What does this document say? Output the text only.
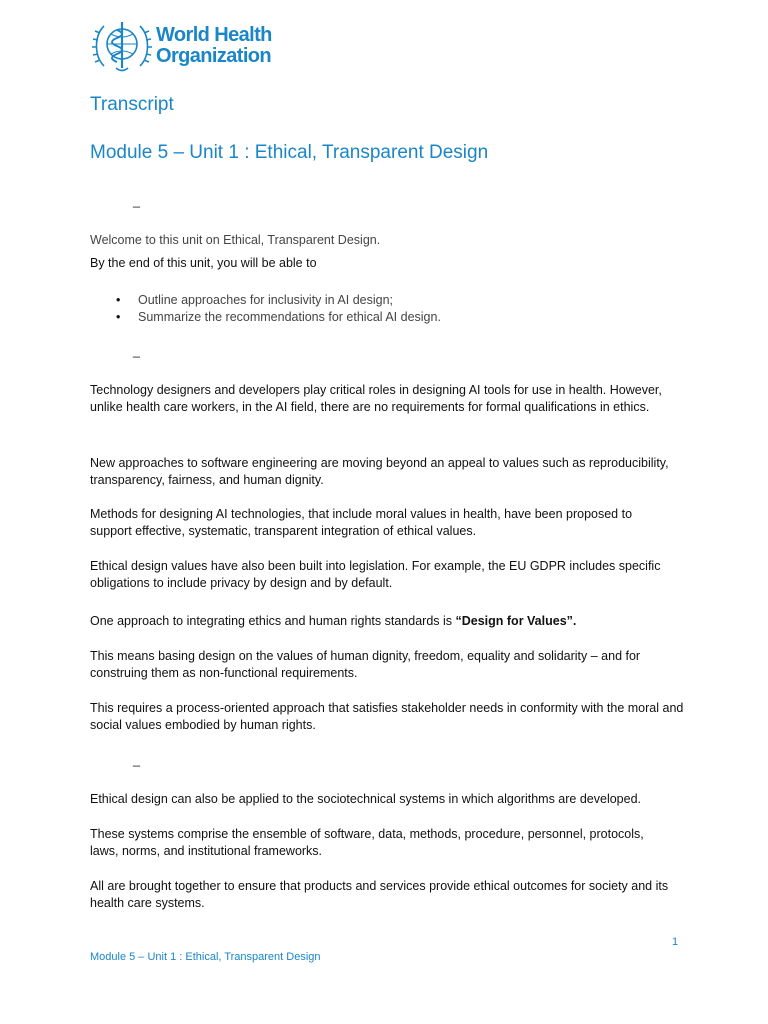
World Health
Organization
Transcript
Module 5 – Unit 1 : Ethical, Transparent Design

_

Welcome to this unit on Ethical, Transparent Design.

By the end of this unit, you will be able to

•	Outline approaches for inclusivity in AI design;
•	Summarize the recommendations for ethical AI design.

_

Technology designers and developers play critical roles in designing AI tools for use in health. However, unlike health care workers, in the AI field, there are no requirements for formal qualifications in ethics.

New approaches to software engineering are moving beyond an appeal to values such as reproducibility, transparency, fairness, and human dignity.

Methods for designing AI technologies, that include moral values in health, have been proposed to support effective, systematic, transparent integration of ethical values.

Ethical design values have also been built into legislation. For example, the EU GDPR includes specific obligations to include privacy by design and by default.

One approach to integrating ethics and human rights standards is “Design for Values”.

This means basing design on the values of human dignity, freedom, equality and solidarity – and for construing them as non-functional requirements.

This requires a process-oriented approach that satisfies stakeholder needs in conformity with the moral and social values embodied by human rights.

_

Ethical design can also be applied to the sociotechnical systems in which algorithms are developed.

These systems comprise the ensemble of software, data, methods, procedure, personnel, protocols, laws, norms, and institutional frameworks.

All are brought together to ensure that products and services provide ethical outcomes for society and its health care systems.

1
Module 5 – Unit 1 : Ethical, Transparent Design
